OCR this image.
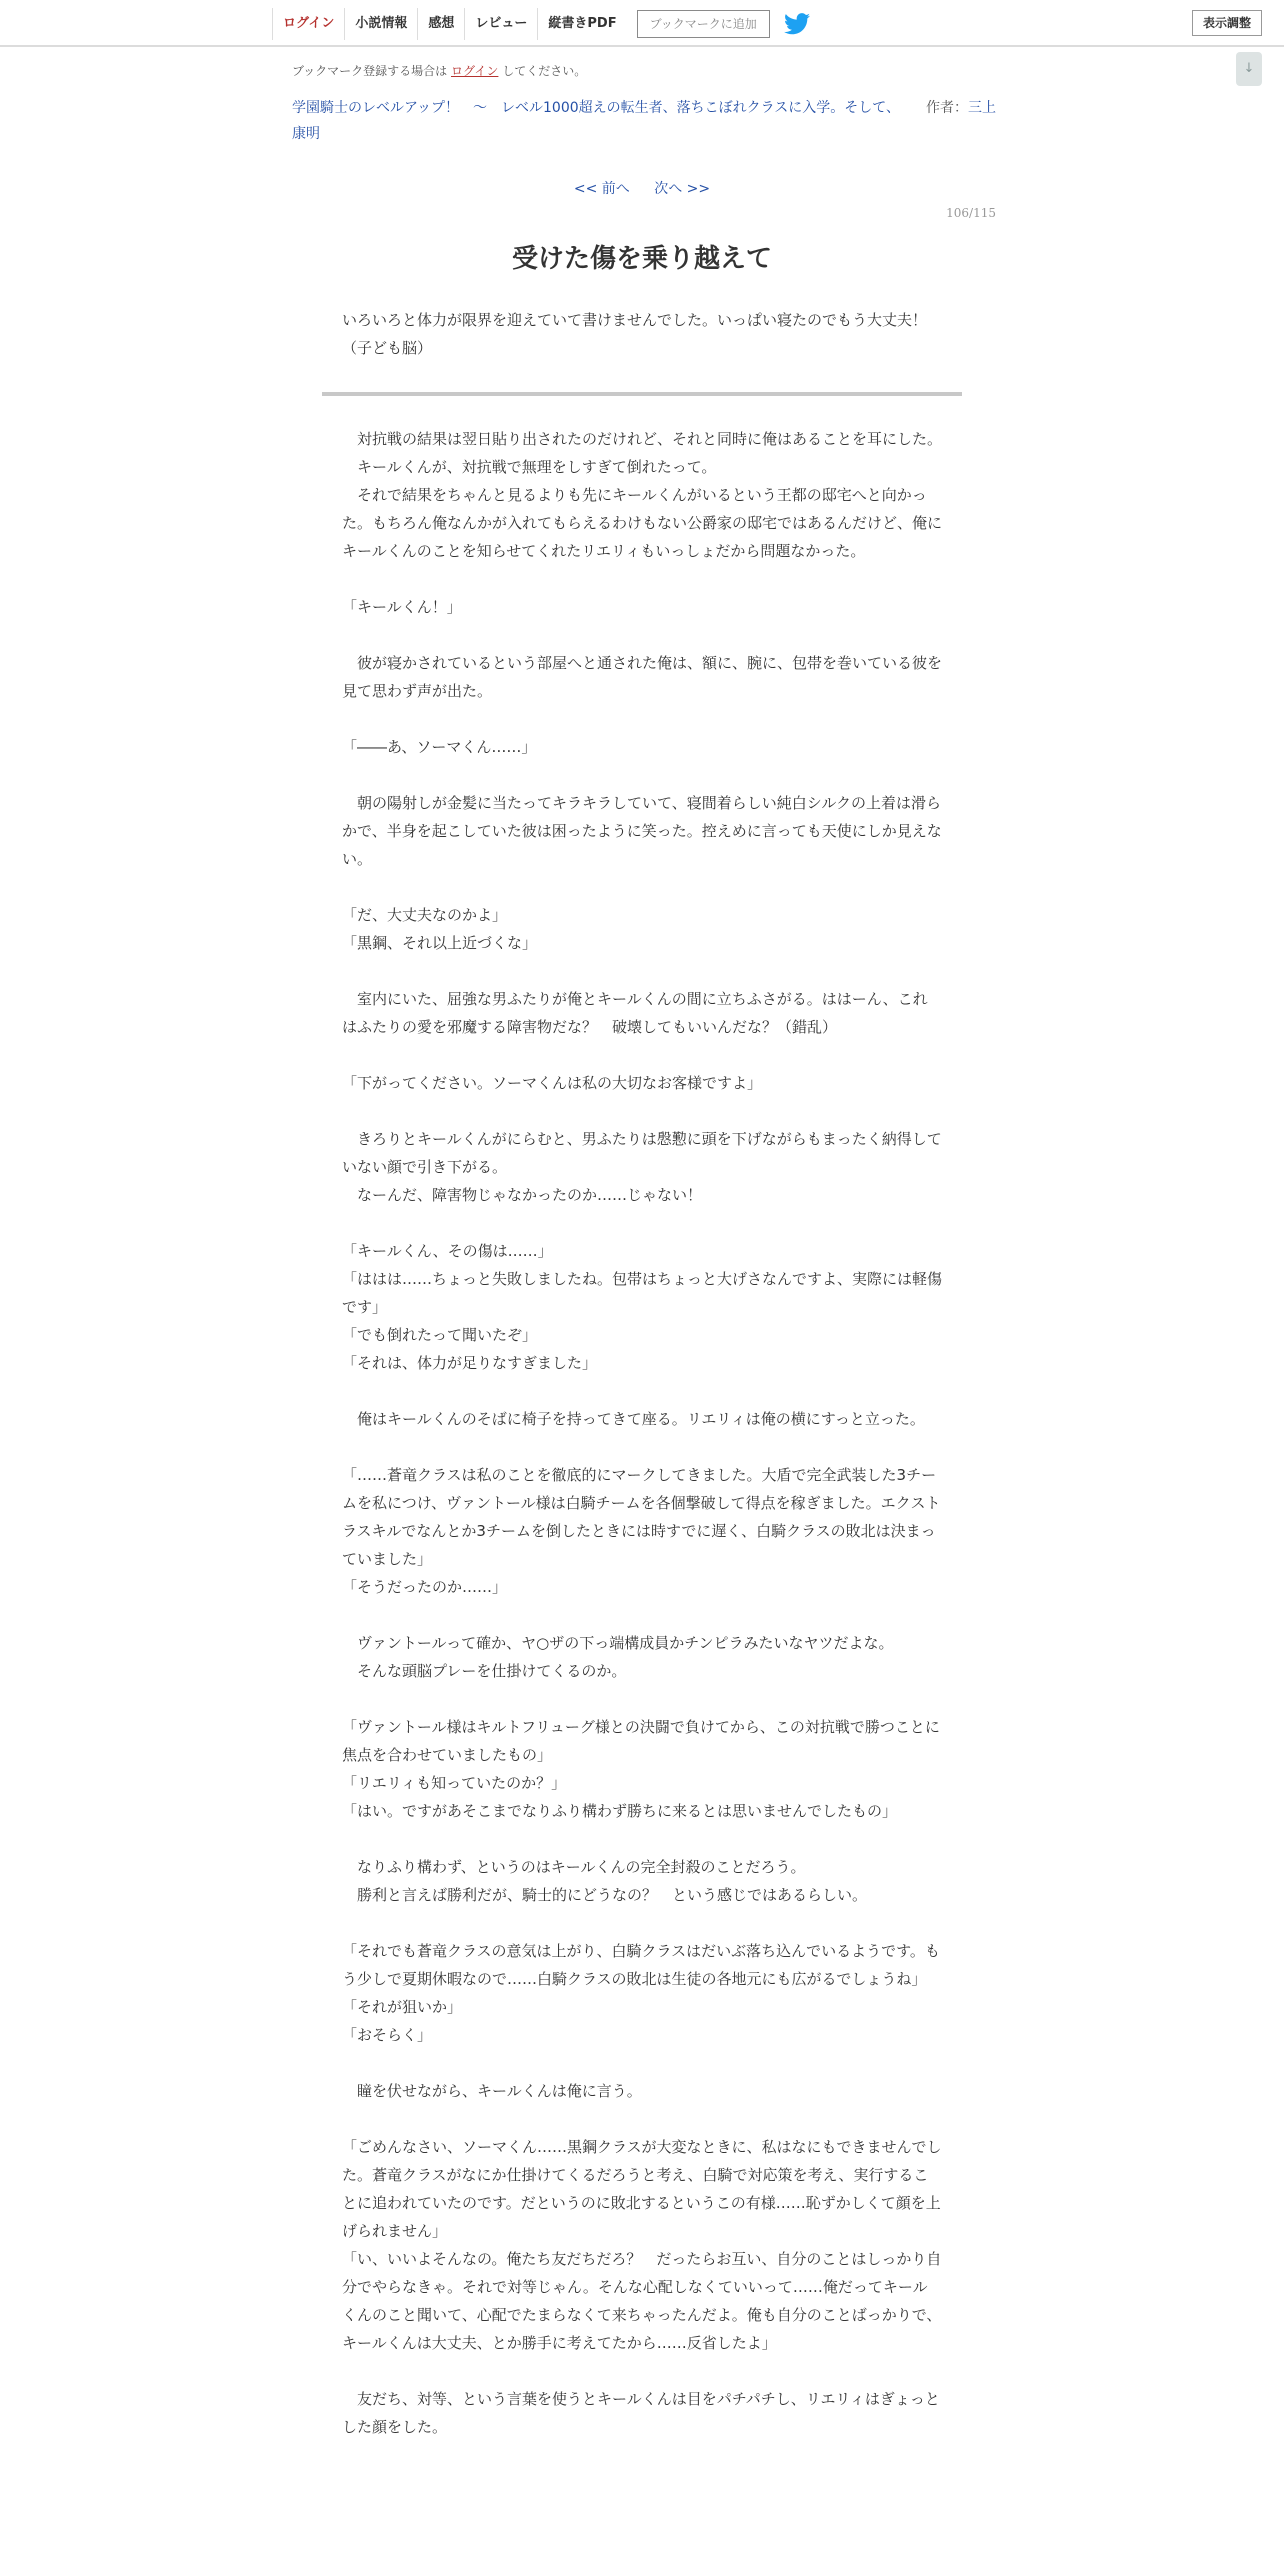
ログイン	小説情報	感想	レビュー	縦書きPDF	ブックマークに追加	表示調整
↓
ブックマーク登録する場合は ログイン してください。
学園騎士のレベルアップ！　～　レベル1000超えの転生者、落ちこぼれクラスに入学。そして、 作者：三上康明
<< 前へ 次へ >>
106/115
受けた傷を乗り越えて

いろいろと体力が限界を迎えていて書けませんでした。いっぱい寝たのでもう大丈夫！（子ども脳）

　対抗戦の結果は翌日貼り出されたのだけれど、それと同時に俺はあることを耳にした。

　キールくんが、対抗戦で無理をしすぎて倒れたって。

　それで結果をちゃんと見るよりも先にキールくんがいるという王都の邸宅へと向かった。もちろん俺なんかが入れてもらえるわけもない公爵家の邸宅ではあるんだけど、俺にキールくんのことを知らせてくれたリエリィもいっしょだから問題なかった。

「キールくん！」

　彼が寝かされているという部屋へと通された俺は、額に、腕に、包帯を巻いている彼を見て思わず声が出た。

「――あ、ソーマくん……」

　朝の陽射しが金髪に当たってキラキラしていて、寝間着らしい純白シルクの上着は滑らかで、半身を起こしていた彼は困ったように笑った。控えめに言っても天使にしか見えない。

「だ、大丈夫なのかよ」

「黒鋼、それ以上近づくな」

　室内にいた、屈強な男ふたりが俺とキールくんの間に立ちふさがる。ははーん、これはふたりの愛を邪魔する障害物だな？　破壊してもいいんだな？（錯乱）

「下がってください。ソーマくんは私の大切なお客様ですよ」

　きろりとキールくんがにらむと、男ふたりは慇懃に頭を下げながらもまったく納得していない顔で引き下がる。

　なーんだ、障害物じゃなかったのか……じゃない！

「キールくん、その傷は……」

「ははは……ちょっと失敗しましたね。包帯はちょっと大げさなんですよ、実際には軽傷です」

「でも倒れたって聞いたぞ」

「それは、体力が足りなすぎました」

　俺はキールくんのそばに椅子を持ってきて座る。リエリィは俺の横にすっと立った。

「……蒼竜クラスは私のことを徹底的にマークしてきました。大盾で完全武装した3チームを私につけ、ヴァントール様は白騎チームを各個撃破して得点を稼ぎました。エクストラスキルでなんとか3チームを倒したときには時すでに遅く、白騎クラスの敗北は決まっていました」

「そうだったのか……」

　ヴァントールって確か、ヤ○ザの下っ端構成員かチンピラみたいなヤツだよな。

　そんな頭脳プレーを仕掛けてくるのか。

「ヴァントール様はキルトフリューグ様との決闘で負けてから、この対抗戦で勝つことに焦点を合わせていましたもの」

「リエリィも知っていたのか？」

「はい。ですがあそこまでなりふり構わず勝ちに来るとは思いませんでしたもの」

　なりふり構わず、というのはキールくんの完全封殺のことだろう。

　勝利と言えば勝利だが、騎士的にどうなの？　という感じではあるらしい。

「それでも蒼竜クラスの意気は上がり、白騎クラスはだいぶ落ち込んでいるようです。もう少しで夏期休暇なので……白騎クラスの敗北は生徒の各地元にも広がるでしょうね」

「それが狙いか」

「おそらく」

　瞳を伏せながら、キールくんは俺に言う。

「ごめんなさい、ソーマくん……黒鋼クラスが大変なときに、私はなにもできませんでした。蒼竜クラスがなにか仕掛けてくるだろうと考え、白騎で対応策を考え、実行することに追われていたのです。だというのに敗北するというこの有様……恥ずかしくて顔を上げられません」

「い、いいよそんなの。俺たち友だちだろ？　だったらお互い、自分のことはしっかり自分でやらなきゃ。それで対等じゃん。そんな心配しなくていいって……俺だってキールくんのこと聞いて、心配でたまらなくて来ちゃったんだよ。俺も自分のことばっかりで、キールくんは大丈夫、とか勝手に考えてたから……反省したよ」

　友だち、対等、という言葉を使うとキールくんは目をパチパチし、リエリィはぎょっとした顔をした。
